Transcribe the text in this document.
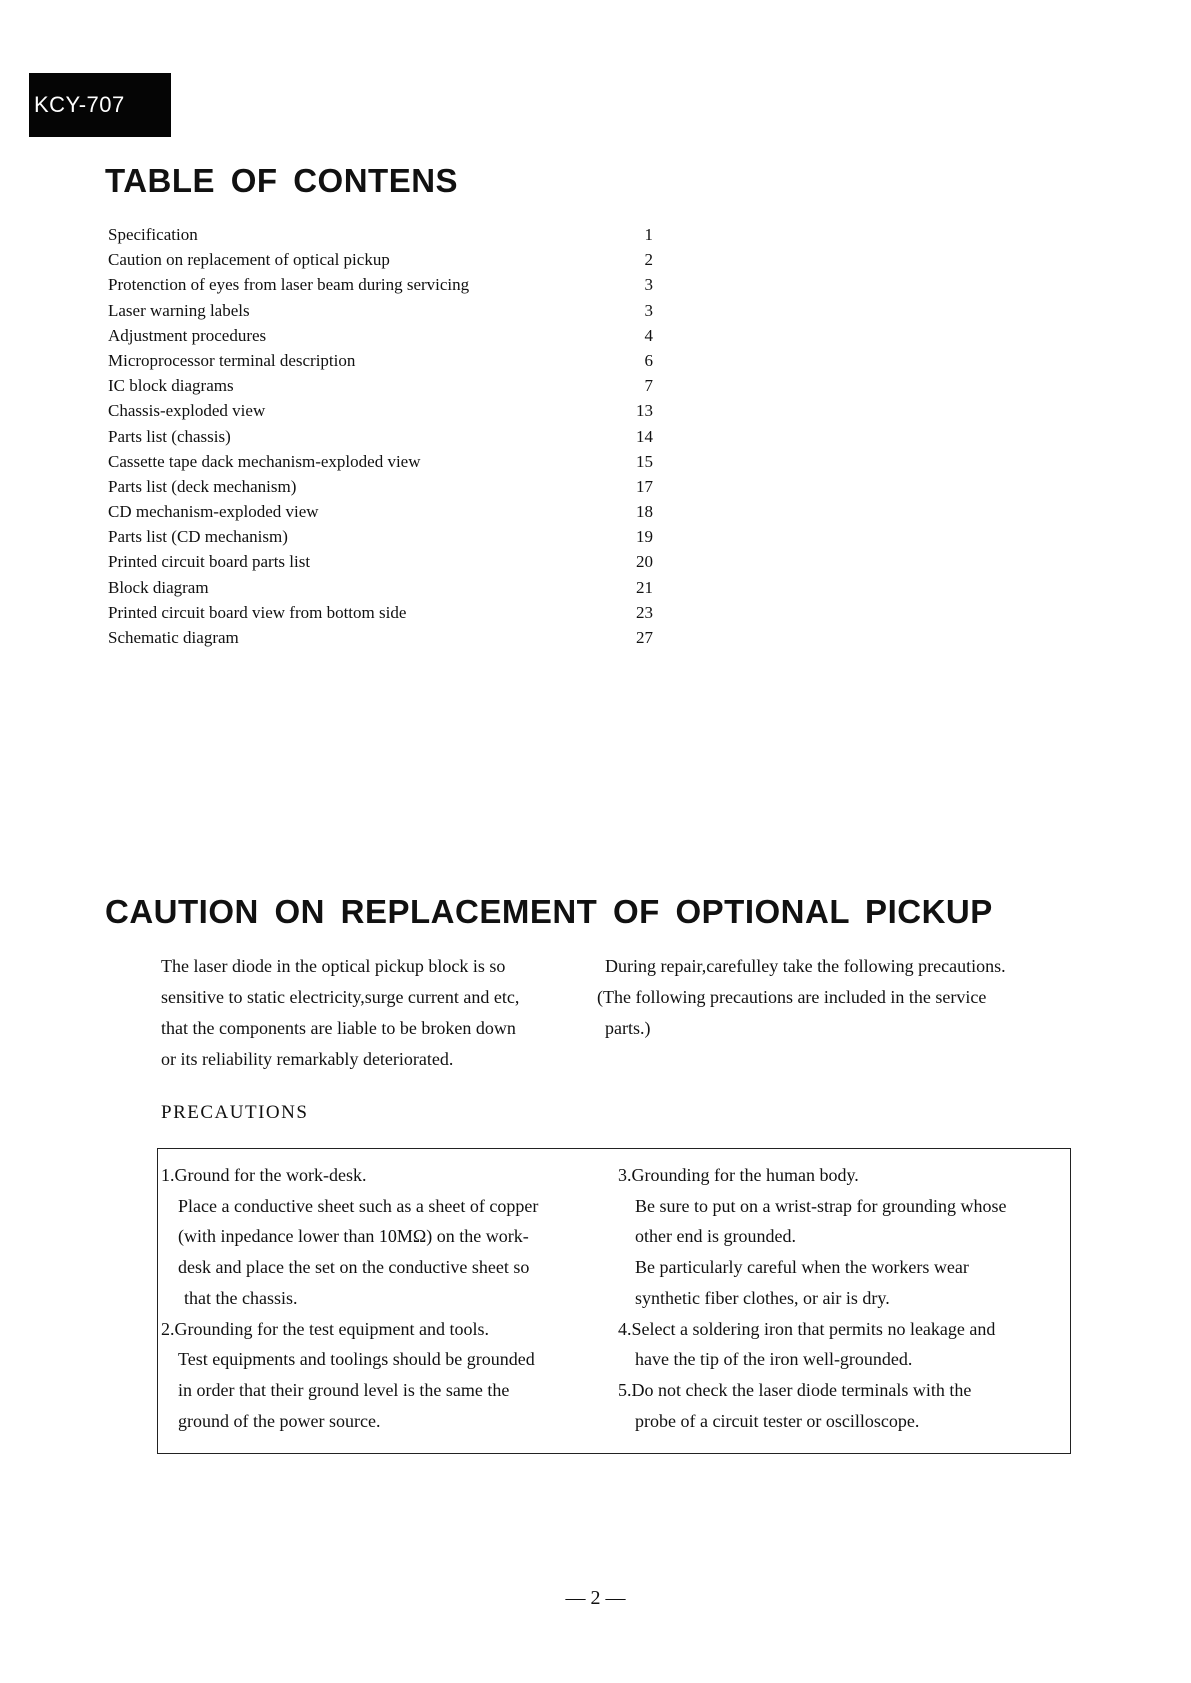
KCY-707
TABLE OF CONTENS
Specification	1
Caution on replacement of optical pickup	2
Protenction of eyes from laser beam during servicing	3
Laser warning labels	3
Adjustment procedures	4
Microprocessor terminal description	6
IC block diagrams	7
Chassis-exploded view	13
Parts list (chassis)	14
Cassette tape dack mechanism-exploded view	15
Parts list (deck mechanism)	17
CD mechanism-exploded view	18
Parts list (CD mechanism)	19
Printed circuit board parts list	20
Block diagram	21
Printed circuit board view from bottom side	23
Schematic diagram	27
CAUTION ON REPLACEMENT OF OPTIONAL PICKUP
The laser diode in the optical pickup block is so
sensitive to static electricity,surge current and etc,
that the components are liable to be broken down
or its reliability remarkably deteriorated.
During repair,carefulley take the following precautions.
(The following precautions are included in the service
parts.)
PRECAUTIONS
1.Ground for the work-desk.
Place a conductive sheet such as a sheet of copper
(with inpedance lower than 10MΩ) on the work-
desk and place the set on the conductive sheet so
that the chassis.
2.Grounding for the test equipment and tools.
Test equipments and toolings should be grounded
in order that their ground level is the same the
ground of the power source.
3.Grounding for the human body.
Be sure to put on a wrist-strap for grounding whose
other end is grounded.
Be particularly careful when the workers wear
synthetic fiber clothes, or air is dry.
4.Select a soldering iron that permits no leakage and
have the tip of the iron well-grounded.
5.Do not check the laser diode terminals with the
probe of a circuit tester or oscilloscope.
— 2 —
